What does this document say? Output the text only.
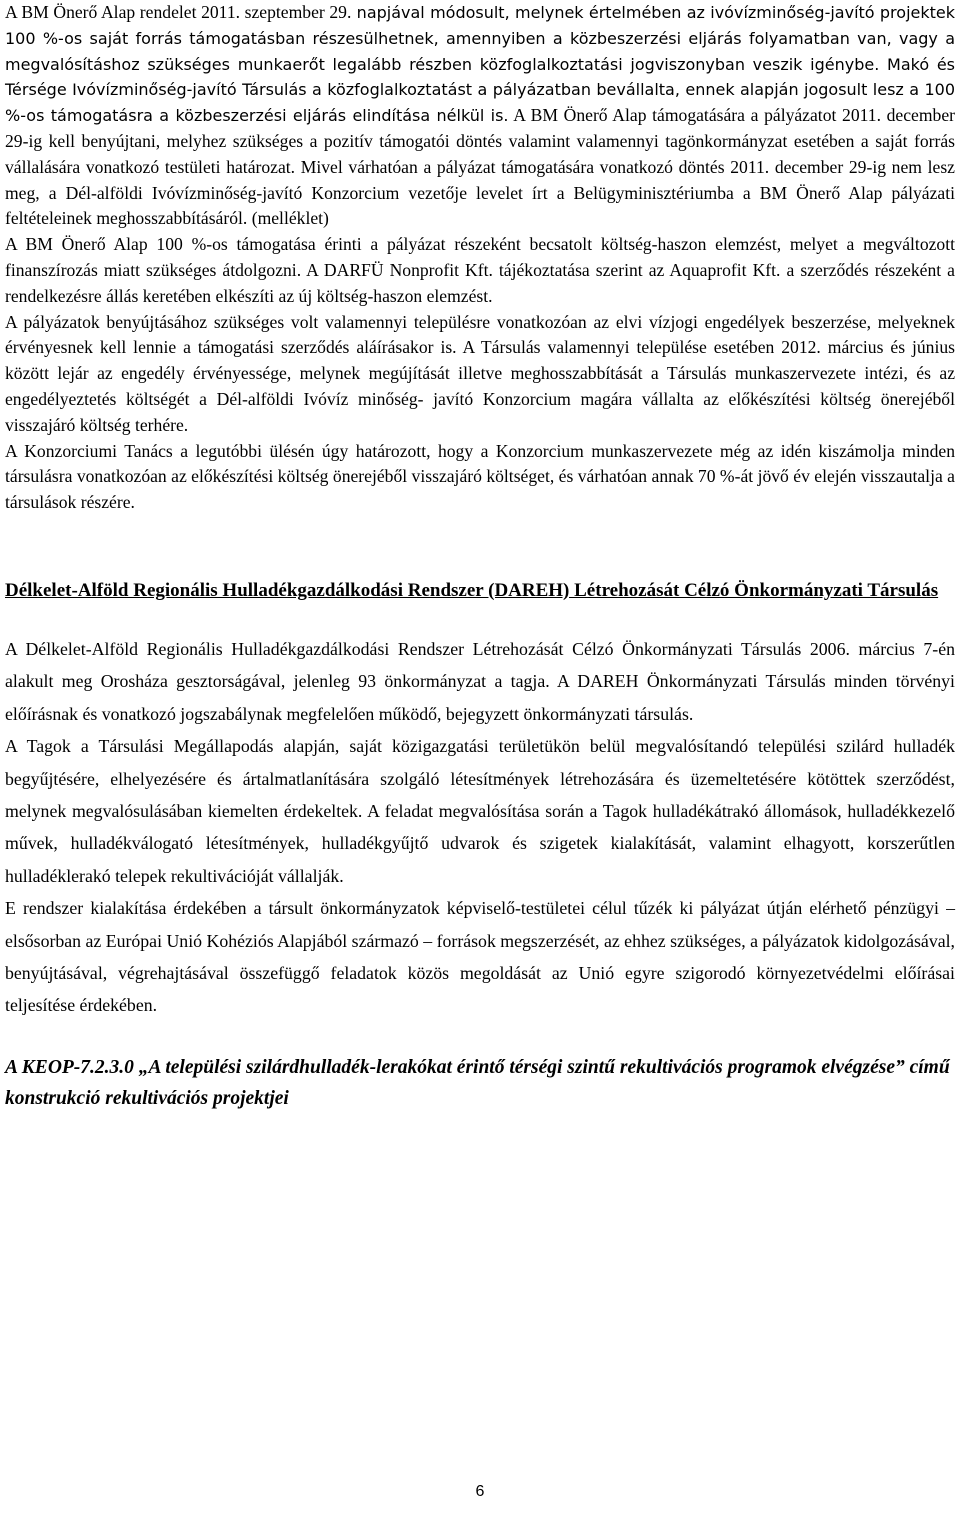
A BM Önerő Alap rendelet 2011. szeptember 29. napjával módosult, melynek értelmében az ivóvízminőség-javító projektek 100 %-os saját forrás támogatásban részesülhetnek, amennyiben a közbeszerzési eljárás folyamatban van, vagy a megvalósításhoz szükséges munkaerőt legalább részben közfoglalkoztatási jogviszonyban veszik igénybe. Makó és Térsége Ivóvízminőség-javító Társulás a közfoglalkoztatást a pályázatban bevállalta, ennek alapján jogosult lesz a 100 %-os támogatásra a közbeszerzési eljárás elindítása nélkül is. A BM Önerő Alap támogatására a pályázatot 2011. december 29-ig kell benyújtani, melyhez szükséges a pozitív támogatói döntés valamint valamennyi tagönkormányzat esetében a saját forrás vállalására vonatkozó testületi határozat. Mivel várhatóan a pályázat támogatására vonatkozó döntés 2011. december 29-ig nem lesz meg, a Dél-alföldi Ivóvízminőség-javító Konzorcium vezetője levelet írt a Belügyminisztériumba a BM Önerő Alap pályázati feltételeinek meghosszabbításáról. (melléklet)

A BM Önerő Alap 100 %-os támogatása érinti a pályázat részeként becsatolt költség-haszon elemzést, melyet a megváltozott finanszírozás miatt szükséges átdolgozni. A DARFÜ Nonprofit Kft. tájékoztatása szerint az Aquaprofit Kft. a szerződés részeként a rendelkezésre állás keretében elkészíti az új költség-haszon elemzést.

A pályázatok benyújtásához szükséges volt valamennyi településre vonatkozóan az elvi vízjogi engedélyek beszerzése, melyeknek érvényesnek kell lennie a támogatási szerződés aláírásakor is. A Társulás valamennyi települése esetében 2012. március és június között lejár az engedély érvényessége, melynek megújítását illetve meghosszabbítását a Társulás munkaszervezete intézi, és az engedélyeztetés költségét a Dél-alföldi Ivóvíz minőség- javító Konzorcium magára vállalta az előkészítési költség önerejéből visszajáró költség terhére.

A Konzorciumi Tanács a legutóbbi ülésén úgy határozott, hogy a Konzorcium munkaszervezete még az idén kiszámolja minden társulásra vonatkozóan az előkészítési költség önerejéből visszajáró költséget, és várhatóan annak 70 %-át jövő év elején visszautalja a társulások részére.

Délkelet-Alföld Regionális Hulladékgazdálkodási Rendszer (DAREH) Létrehozását Célzó Önkormányzati Társulás

A Délkelet-Alföld Regionális Hulladékgazdálkodási Rendszer Létrehozását Célzó Önkormányzati Társulás 2006. március 7-én alakult meg Orosháza gesztorságával, jelenleg 93 önkormányzat a tagja. A DAREH Önkormányzati Társulás minden törvényi előírásnak és vonatkozó jogszabálynak megfelelően működő, bejegyzett önkormányzati társulás.

A Tagok a Társulási Megállapodás alapján, saját közigazgatási területükön belül megvalósítandó települési szilárd hulladék begyűjtésére, elhelyezésére és ártalmatlanítására szolgáló létesítmények létrehozására és üzemeltetésére kötöttek szerződést, melynek megvalósulásában kiemelten érdekeltek. A feladat megvalósítása során a Tagok hulladékátrakó állomások, hulladékkezelő művek, hulladékválogató létesítmények, hulladékgyűjtő udvarok és szigetek kialakítását, valamint elhagyott, korszerűtlen hulladéklerakó telepek rekultivációját vállalják.

E rendszer kialakítása érdekében a társult önkormányzatok képviselő-testületei célul tűzék ki pályázat útján elérhető pénzügyi – elsősorban az Európai Unió Kohéziós Alapjából származó – források megszerzését, az ehhez szükséges, a pályázatok kidolgozásával, benyújtásával, végrehajtásával összefüggő feladatok közös megoldását az Unió egyre szigorodó környezetvédelmi előírásai teljesítése érdekében.

A KEOP-7.2.3.0 „A települési szilárdhulladék-lerakókat érintő térségi szintű rekultivációs programok elvégzése” című konstrukció rekultivációs projektjei
6
